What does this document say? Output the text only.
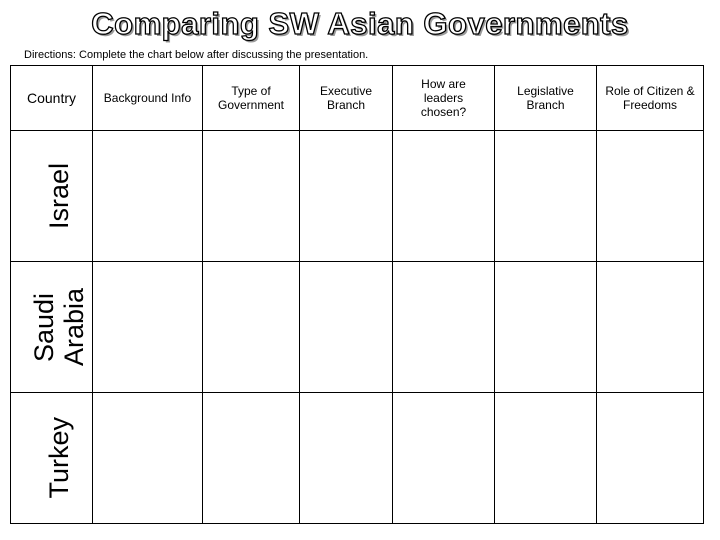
Comparing SW Asian Governments
Directions: Complete the chart below after discussing the presentation.
Country	Background Info	Type of Government
Executive Branch
How are leaders chosen?
Legislative Branch
Role of Citizen & Freedoms
Israel
Saudi Arabia
Turkey
